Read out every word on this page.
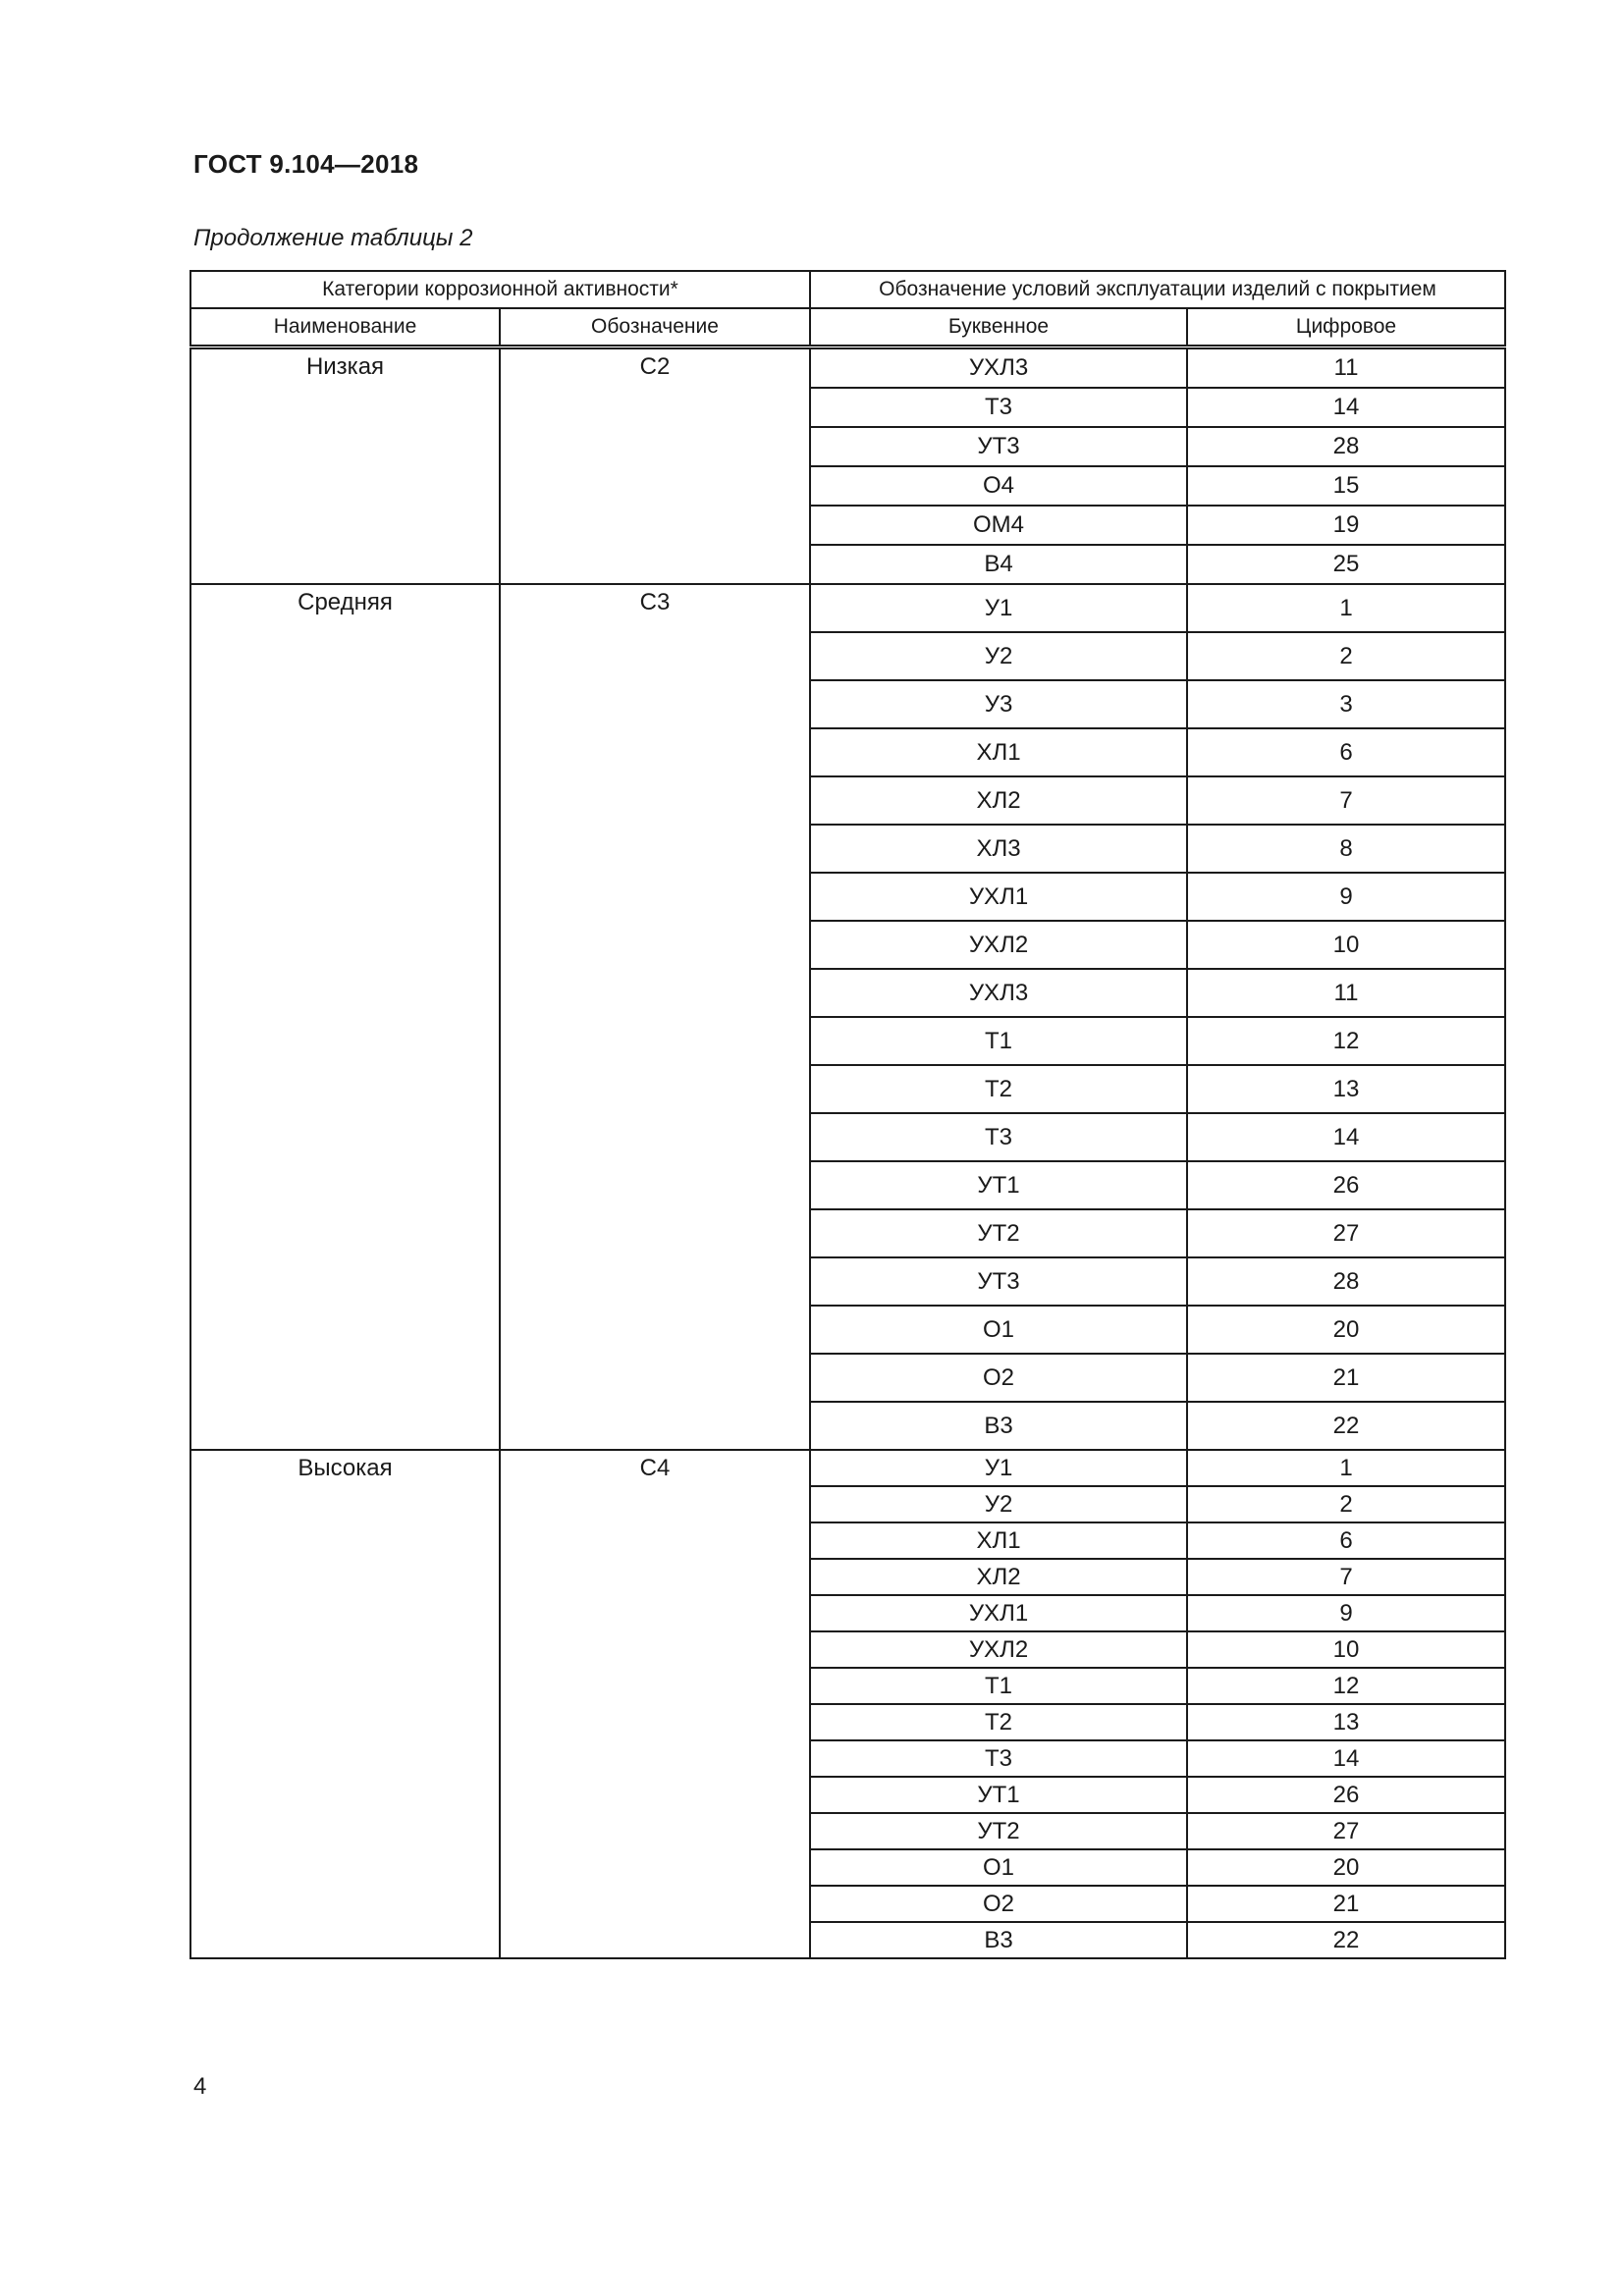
ГОСТ 9.104—2018
Продолжение таблицы 2
Категории коррозионной активности*		Обозначение условий эксплуатации изделий с покрытием	
Наименование	Обозначение	Буквенное	Цифровое
Низкая	С2	УХЛ3	11
		Т3	14
		УТ3	28
		О4	15
		ОМ4	19
		В4	25
Средняя	С3	У1	1
		У2	2
		У3	3
		ХЛ1	6
		ХЛ2	7
		ХЛ3	8
		УХЛ1	9
		УХЛ2	10
		УХЛ3	11
		Т1	12
		Т2	13
		Т3	14
		УТ1	26
		УТ2	27
		УТ3	28
		О1	20
		О2	21
		В3	22
Высокая	С4	У1	1
		У2	2
		ХЛ1	6
		ХЛ2	7
		УХЛ1	9
		УХЛ2	10
		Т1	12
		Т2	13
		Т3	14
		УТ1	26
		УТ2	27
		О1	20
		О2	21
		В3	22
4
